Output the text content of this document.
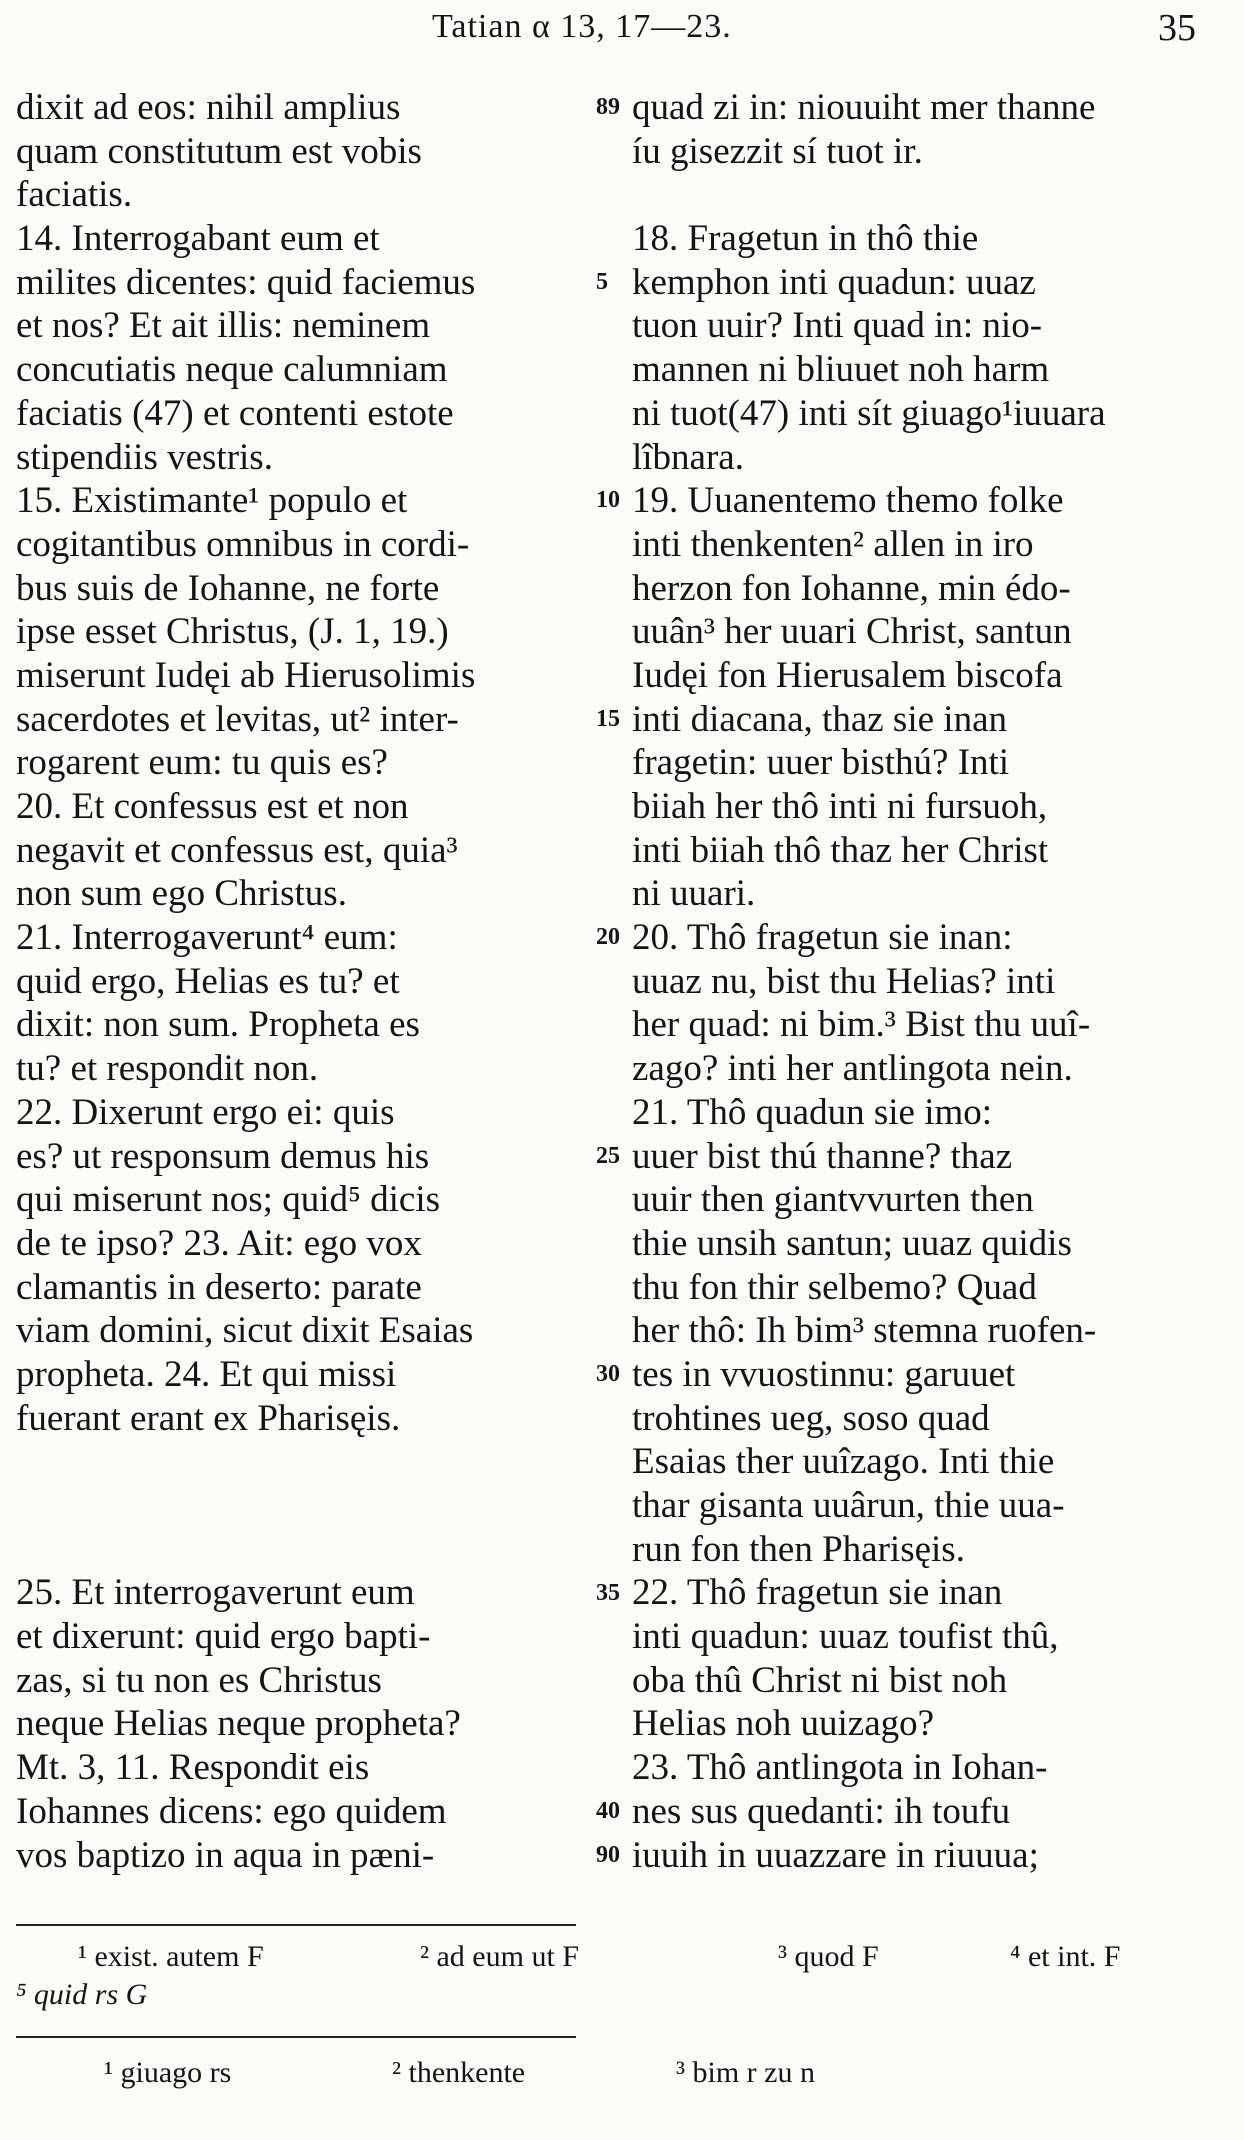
Tatian α 13, 17—23.	35
dixit ad eos: nihil amplius
quam constitutum est vobis
faciatis.
14. Interrogabant eum et
milites dicentes: quid faciemus
et nos? Et ait illis: neminem
concutiatis neque calumniam
faciatis (47) et contenti estote
stipendiis vestris.
15. Existimante¹ populo et
cogitantibus omnibus in cordi-
bus suis de Iohanne, ne forte
ipse esset Christus, (J. 1, 19.)
miserunt Iudęi ab Hierusolimis
sacerdotes et levitas, ut² inter-
rogarent eum: tu quis es?
20. Et confessus est et non
negavit et confessus est, quia³
non sum ego Christus.
21. Interrogaverunt⁴ eum:
quid ergo, Helias es tu? et
dixit: non sum. Propheta es
tu? et respondit non.
22. Dixerunt ergo ei: quis
es? ut responsum demus his
qui miserunt nos; quid⁵ dicis
de te ipso? 23. Ait: ego vox
clamantis in deserto: parate
viam domini, sicut dixit Esaias
propheta. 24. Et qui missi
fuerant erant ex Pharisęis.
25. Et interrogaverunt eum
et dixerunt: quid ergo bapti-
zas, si tu non es Christus
neque Helias neque propheta?
Mt. 3, 11. Respondit eis
Iohannes dicens: ego quidem
vos baptizo in aqua in pæni-
quad zi in: niouuiht mer thanne
íu gisezzit sí tuot ir.
18. Fragetun in thô thie
kemphon inti quadun: uuaz
tuon uuir? Inti quad in: nio-
mannen ni bliuuet noh harm
ni tuot(47) inti sít giuago¹iuuara
lîbnara.
19. Uuanentemo themo folke
inti thenkenten² allen in iro
herzon fon Iohanne, min édo-
uuân³ her uuari Christ, santun
Iudęi fon Hierusalem biscofa
inti diacana, thaz sie inan
fragetin: uuer bisthú? Inti
biiah her thô inti ni fursuoh,
inti biiah thô thaz her Christ
ni uuari.
20. Thô fragetun sie inan:
uuaz nu, bist thu Helias? inti
her quad: ni bim.³ Bist thu uuî-
zago? inti her antlingota nein.
21. Thô quadun sie imo:
uuer bist thú thanne? thaz
uuir then giantvvurten then
thie unsih santun; uuaz quidis
thu fon thir selbemo? Quad
her thô: Ih bim³ stemna ruofen-
tes in vvuostinnu: garuuet
trohtines ueg, soso quad
Esaias ther uuîzago. Inti thie
thar gisanta uuârun, thie uua-
run fon then Pharisęis.
22. Thô fragetun sie inan
inti quadun: uuaz toufist thû,
oba thû Christ ni bist noh
Helias noh uuizago?
23. Thô antlingota in Iohan-
nes sus quedanti: ih toufu
iuuih in uuazzare in riuuua;
89
5
10
15
20
25
30
35
40
90
¹ exist. autem F	² ad eum ut F	³ quod F	⁴ et int. F
⁵ quid rs G
¹ giuago rs	² thenkente	³ bim r zu n
